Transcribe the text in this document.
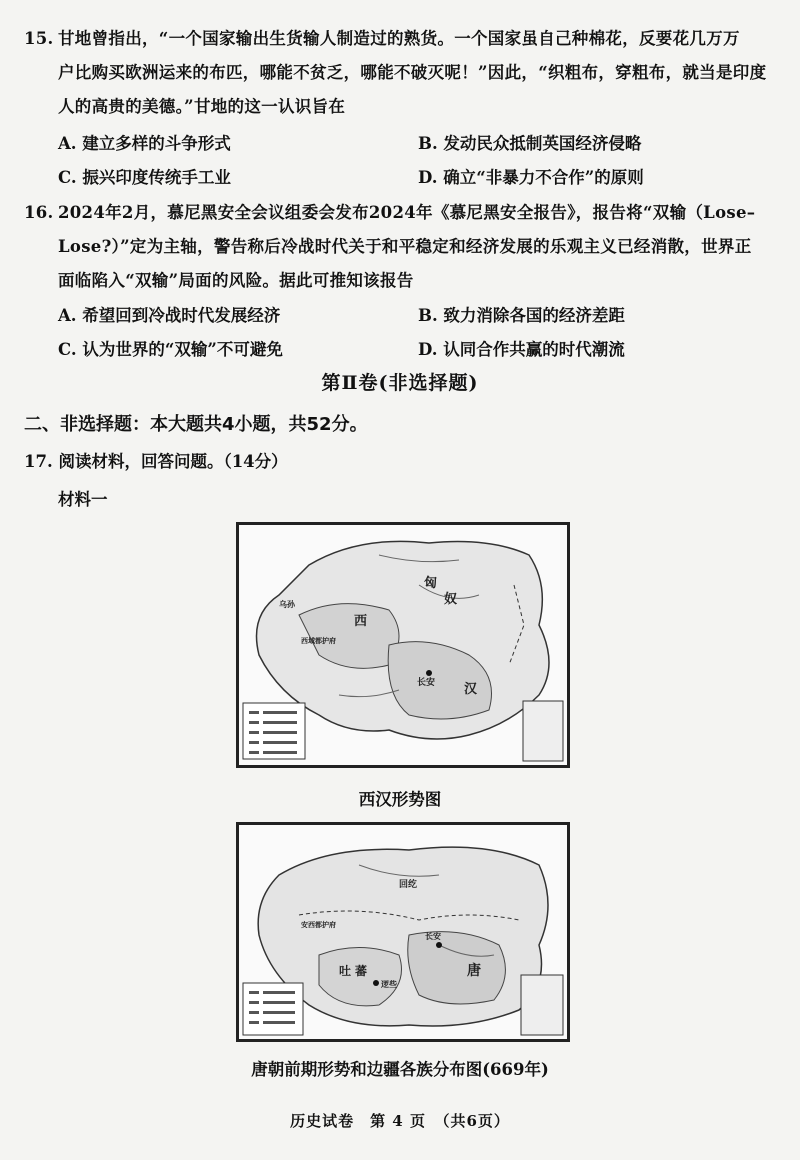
15. 甘地曾指出，“一个国家输出生货输人制造过的熟货。一个国家虽自己种棉花，反要花几万万
户比购买欧洲运来的布匹，哪能不贫乏，哪能不破灭呢！”因此，“织粗布，穿粗布，就当是印度
人的高贵的美德。”甘地的这一认识旨在
A. 建立多样的斗争形式	B. 发动民众抵制英国经济侵略
C. 振兴印度传统手工业	D. 确立“非暴力不合作”的原则
16. 2024年2月，慕尼黑安全会议组委会发布2024年《慕尼黑安全报告》，报告将“双输（Lose–
Lose?）”定为主轴，警告称后冷战时代关于和平稳定和经济发展的乐观主义已经消散，世界正
面临陷入“双输”局面的风险。据此可推知该报告
A. 希望回到冷战时代发展经济	B. 致力消除各国的经济差距
C. 认为世界的“双输”不可避免	D. 认同合作共赢的时代潮流
第Ⅱ卷(非选择题)
二、非选择题：本大题共4小题，共52分。
17. 阅读材料，回答问题。（14分）
材料一
匈
奴
西
汉
长安
乌孙
西域都护府
西汉形势图
回纥
安西都护府
吐 蕃
逻些
长安
唐
唐朝前期形势和边疆各族分布图(669年)
历史试卷　第 4 页　（共6页）
